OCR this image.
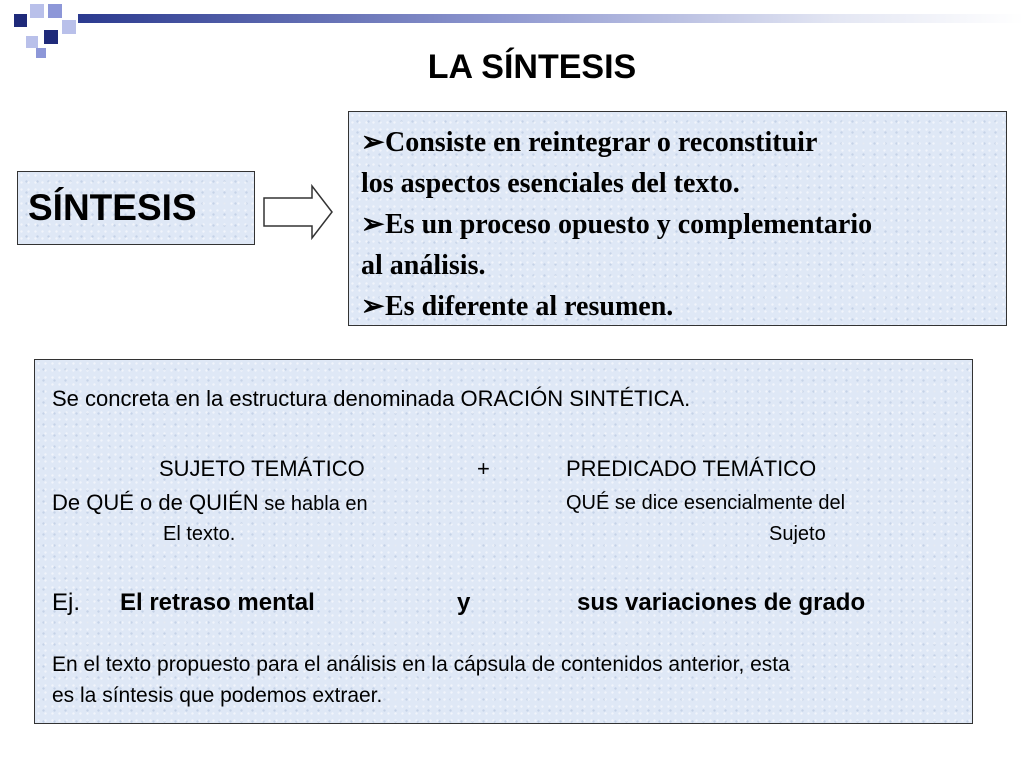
LA SÍNTESIS
SÍNTESIS
➢Consiste en reintegrar o reconstituir
los aspectos esenciales del texto.
➢Es un proceso opuesto y complementario
al análisis.
➢Es diferente al resumen.
Se concreta en la estructura denominada ORACIÓN SINTÉTICA.
SUJETO TEMÁTICO	+	PREDICADO TEMÁTICO
De QUÉ o de QUIÉN se habla en	QUÉ se dice esencialmente del
El texto.	Sujeto
Ej. El retraso mental	y	sus variaciones de grado
En el texto propuesto para el análisis en la cápsula de contenidos anterior, esta
es la síntesis que podemos extraer.
